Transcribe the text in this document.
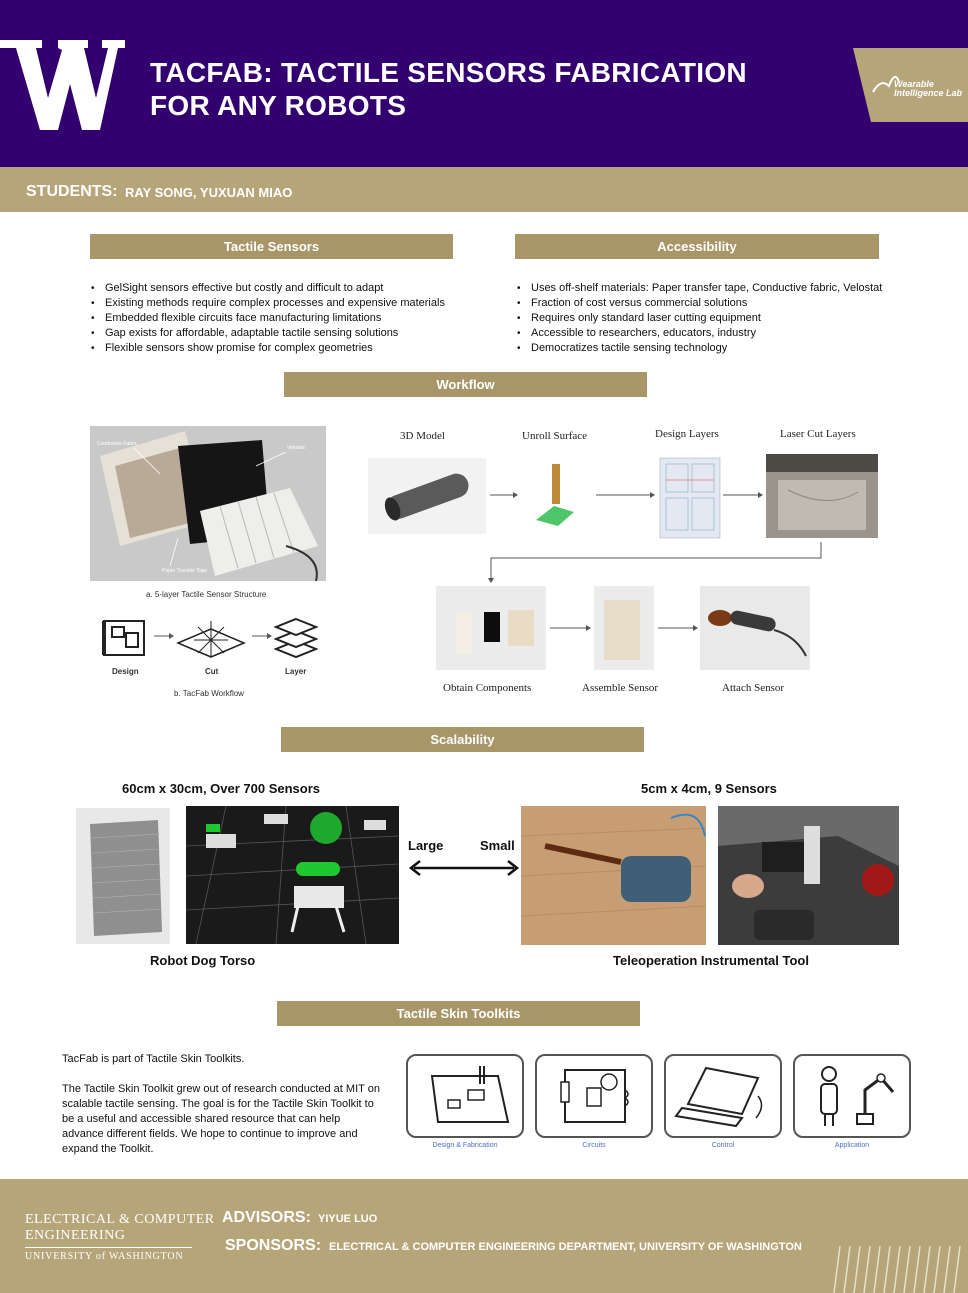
TACFAB: TACTILE SENSORS FABRICATION
FOR ANY ROBOTS
Wearable
Intelligence Lab
STUDENTS: RAY SONG, YUXUAN MIAO
Tactile Sensors	Accessibility
• GelSight sensors effective but costly and difficult to adapt
• Existing methods require complex processes and expensive materials
• Embedded flexible circuits face manufacturing limitations
• Gap exists for affordable, adaptable tactile sensing solutions
• Flexible sensors show promise for complex geometries
• Uses off-shelf materials: Paper transfer tape, Conductive fabric, Velostat
• Fraction of cost versus commercial solutions
• Requires only standard laser cutting equipment
• Accessible to researchers, educators, industry
• Democratizes tactile sensing technology
Workflow
Conductive Fabric
Velostat
Paper Transfer Tape
a. 5-layer Tactile Sensor Structure
Design	Cut	Layer
b. TacFab Workflow
3D Model	Unroll Surface	Design Layers	Laser Cut Layers
Obtain Components	Assemble Sensor	Attach Sensor
Scalability
60cm x 30cm, Over 700 Sensors	5cm x 4cm, 9 Sensors
Large	Small
Robot Dog Torso	Teleoperation Instrumental Tool
Tactile Skin Toolkits

TacFab is part of Tactile Skin Toolkits.

The Tactile Skin Toolkit grew out of research conducted at MIT on scalable tactile sensing. The goal is for the Tactile Skin Toolkit to be a useful and accessible shared resource that can help advance different fields. We hope to continue to improve and expand the Toolkit.	Design & Fabrication	Circuits	Control	Application
ELECTRICAL & COMPUTER
ENGINEERING
UNIVERSITY of WASHINGTON
ADVISORS: YIYUE LUO
SPONSORS: ELECTRICAL & COMPUTER ENGINEERING DEPARTMENT, UNIVERSITY OF WASHINGTON
